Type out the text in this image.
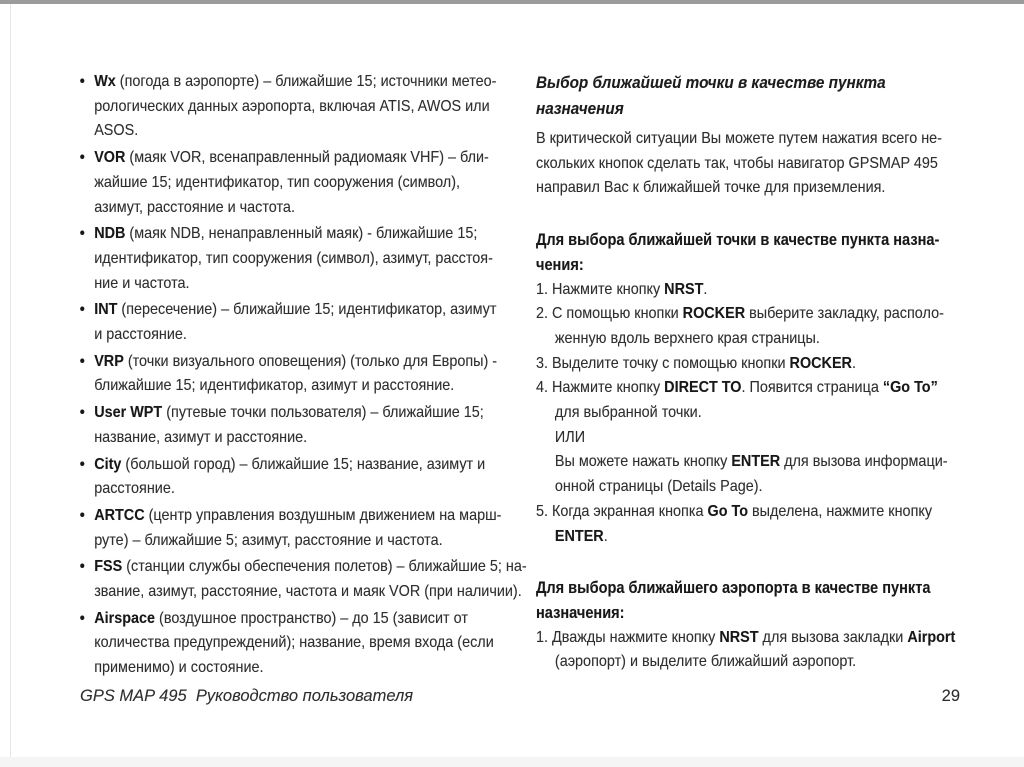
• Wx (погода в аэропорте) – ближайшие 15; источники метео-
рологических данных аэропорта, включая ATIS, AWOS или
ASOS.
• VOR (маяк VOR, всенаправленный радиомаяк VHF) – бли-
жайшие 15; идентификатор, тип сооружения (символ),
азимут, расстояние и частота.
• NDB (маяк NDB, ненаправленный маяк) - ближайшие 15;
идентификатор, тип сооружения (символ), азимут, расстоя-
ние и частота.
• INT (пересечение) – ближайшие 15; идентификатор, азимут
и расстояние.
• VRP (точки визуального оповещения) (только для Европы) -
ближайшие 15; идентификатор, азимут и расстояние.
• User WPT (путевые точки пользователя) – ближайшие 15;
название, азимут и расстояние.
• City (большой город) – ближайшие 15; название, азимут и
расстояние.
• ARTCC (центр управления воздушным движением на марш-
руте) – ближайшие 5; азимут, расстояние и частота.
• FSS (станции службы обеспечения полетов) – ближайшие 5; на-
звание, азимут, расстояние, частота и маяк VOR (при наличии).
• Airspace (воздушное пространство) – до 15 (зависит от
количества предупреждений); название, время входа (если
применимо) и состояние.
Выбор ближайшей точки в качестве пункта
назначения
В критической ситуации Вы можете путем нажатия всего не-
скольких кнопок сделать так, чтобы навигатор GPSMAP 495
направил Вас к ближайшей точке для приземления.
Для выбора ближайшей точки в качестве пункта назна-
чения:
1. Нажмите кнопку NRST.
2. С помощью кнопки ROCKER выберите закладку, располо-
женную вдоль верхнего края страницы.
3. Выделите точку с помощью кнопки ROCKER.
4. Нажмите кнопку DIRECT TO. Появится страница “Go To”
для выбранной точки.
ИЛИ
Вы можете нажать кнопку ENTER для вызова информаци-
онной страницы (Details Page).
5. Когда экранная кнопка Go To выделена, нажмите кнопку
ENTER.
Для выбора ближайшего аэропорта в качестве пункта
назначения:
1. Дважды нажмите кнопку NRST для вызова закладки Airport
(аэропорт) и выделите ближайший аэропорт.
GPS MAP 495  Руководство пользователя	29
